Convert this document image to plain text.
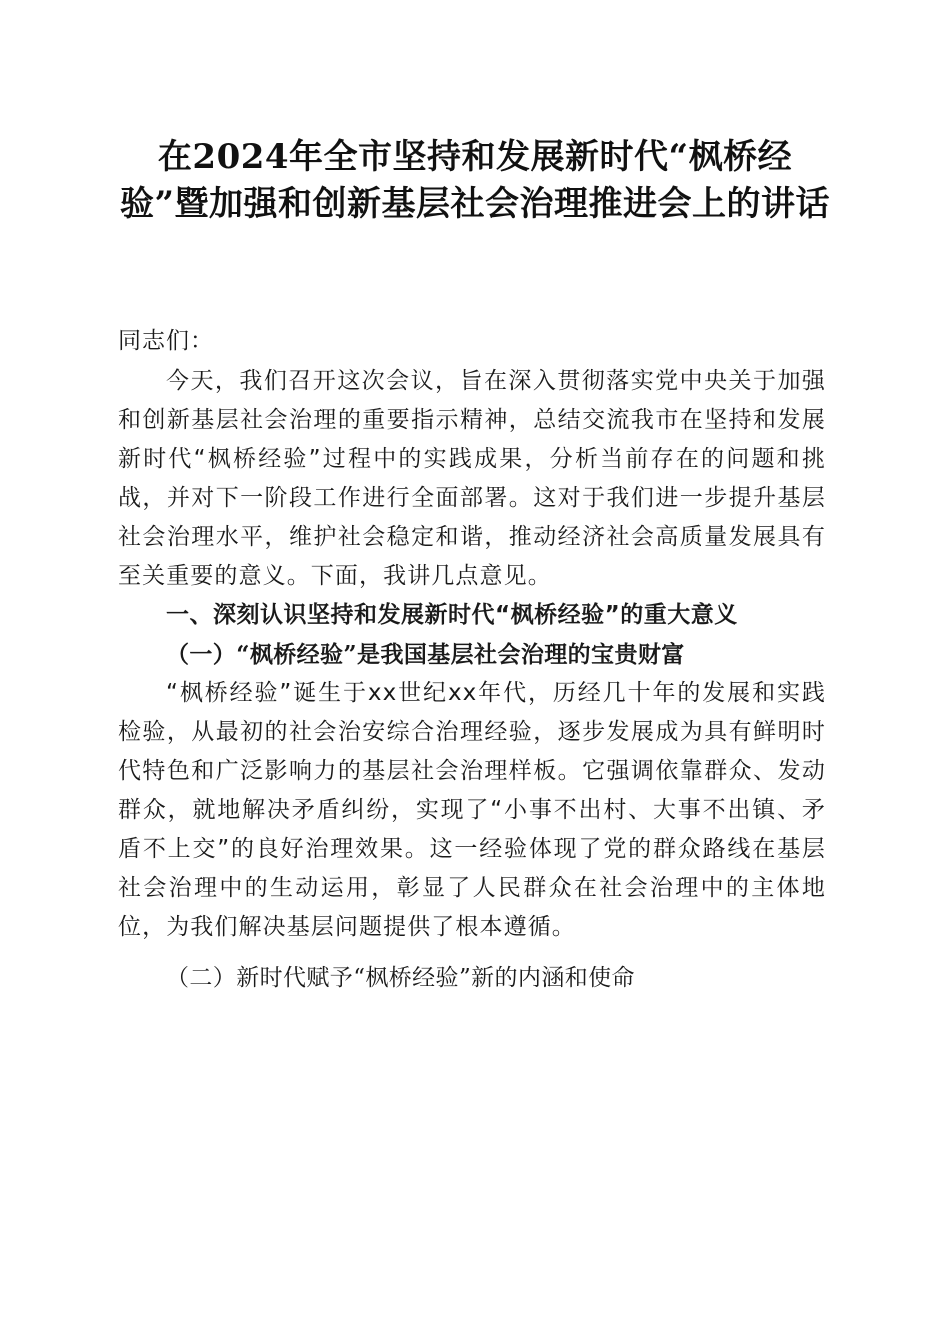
在2024年全市坚持和发展新时代“枫桥经验”暨加强和创新基层社会治理推进会上的讲话

同志们：

今天，我们召开这次会议，旨在深入贯彻落实党中央关于加强和创新基层社会治理的重要指示精神，总结交流我市在坚持和发展新时代“枫桥经验”过程中的实践成果，分析当前存在的问题和挑战，并对下一阶段工作进行全面部署。这对于我们进一步提升基层社会治理水平，维护社会稳定和谐，推动经济社会高质量发展具有至关重要的意义。下面，我讲几点意见。

一、深刻认识坚持和发展新时代“枫桥经验”的重大意义

（一）“枫桥经验”是我国基层社会治理的宝贵财富

“枫桥经验”诞生于xx世纪xx年代，历经几十年的发展和实践检验，从最初的社会治安综合治理经验，逐步发展成为具有鲜明时代特色和广泛影响力的基层社会治理样板。它强调依靠群众、发动群众，就地解决矛盾纠纷，实现了“小事不出村、大事不出镇、矛盾不上交”的良好治理效果。这一经验体现了党的群众路线在基层社会治理中的生动运用，彰显了人民群众在社会治理中的主体地位，为我们解决基层问题提供了根本遵循。

（二）新时代赋予“枫桥经验”新的内涵和使命
